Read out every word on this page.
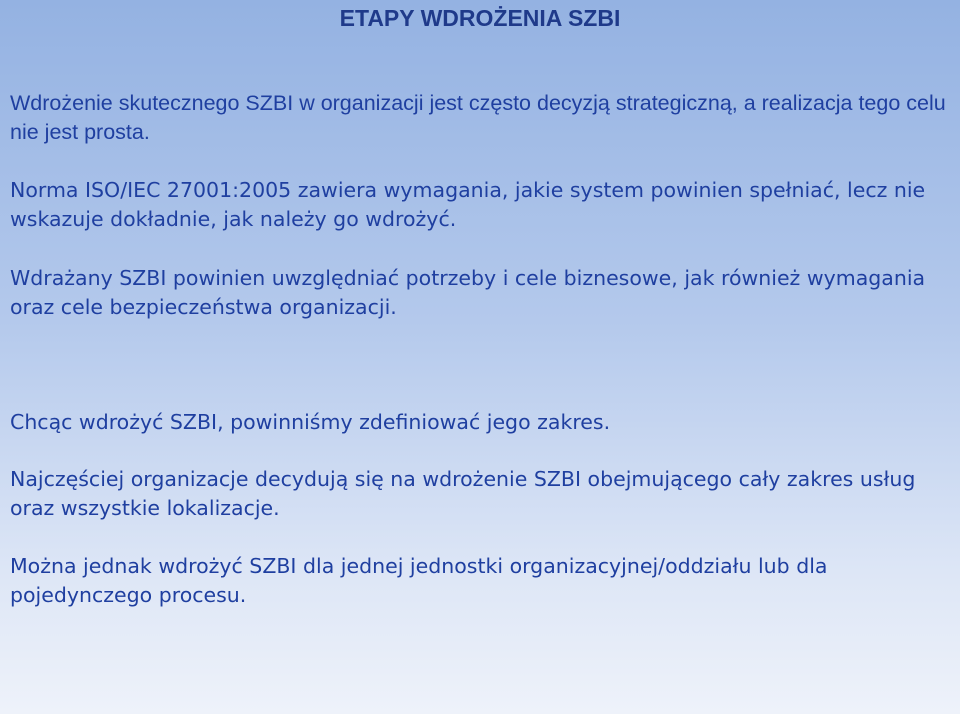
ETAPY WDROŻENIA SZBI

Wdrożenie skutecznego SZBI w organizacji jest często decyzją strategiczną, a realizacja tego celu nie jest prosta.

Norma ISO/IEC 27001:2005 zawiera wymagania, jakie system powinien spełniać, lecz nie wskazuje dokładnie, jak należy go wdrożyć.

Wdrażany SZBI powinien uwzględniać potrzeby i cele biznesowe, jak również wymagania oraz cele bezpieczeństwa organizacji.

Chcąc wdrożyć SZBI, powinniśmy zdefiniować jego zakres.

Najczęściej organizacje decydują się na wdrożenie SZBI obejmującego cały zakres usług oraz wszystkie lokalizacje.

Można jednak wdrożyć SZBI dla jednej jednostki organizacyjnej/oddziału lub dla pojedynczego procesu.
